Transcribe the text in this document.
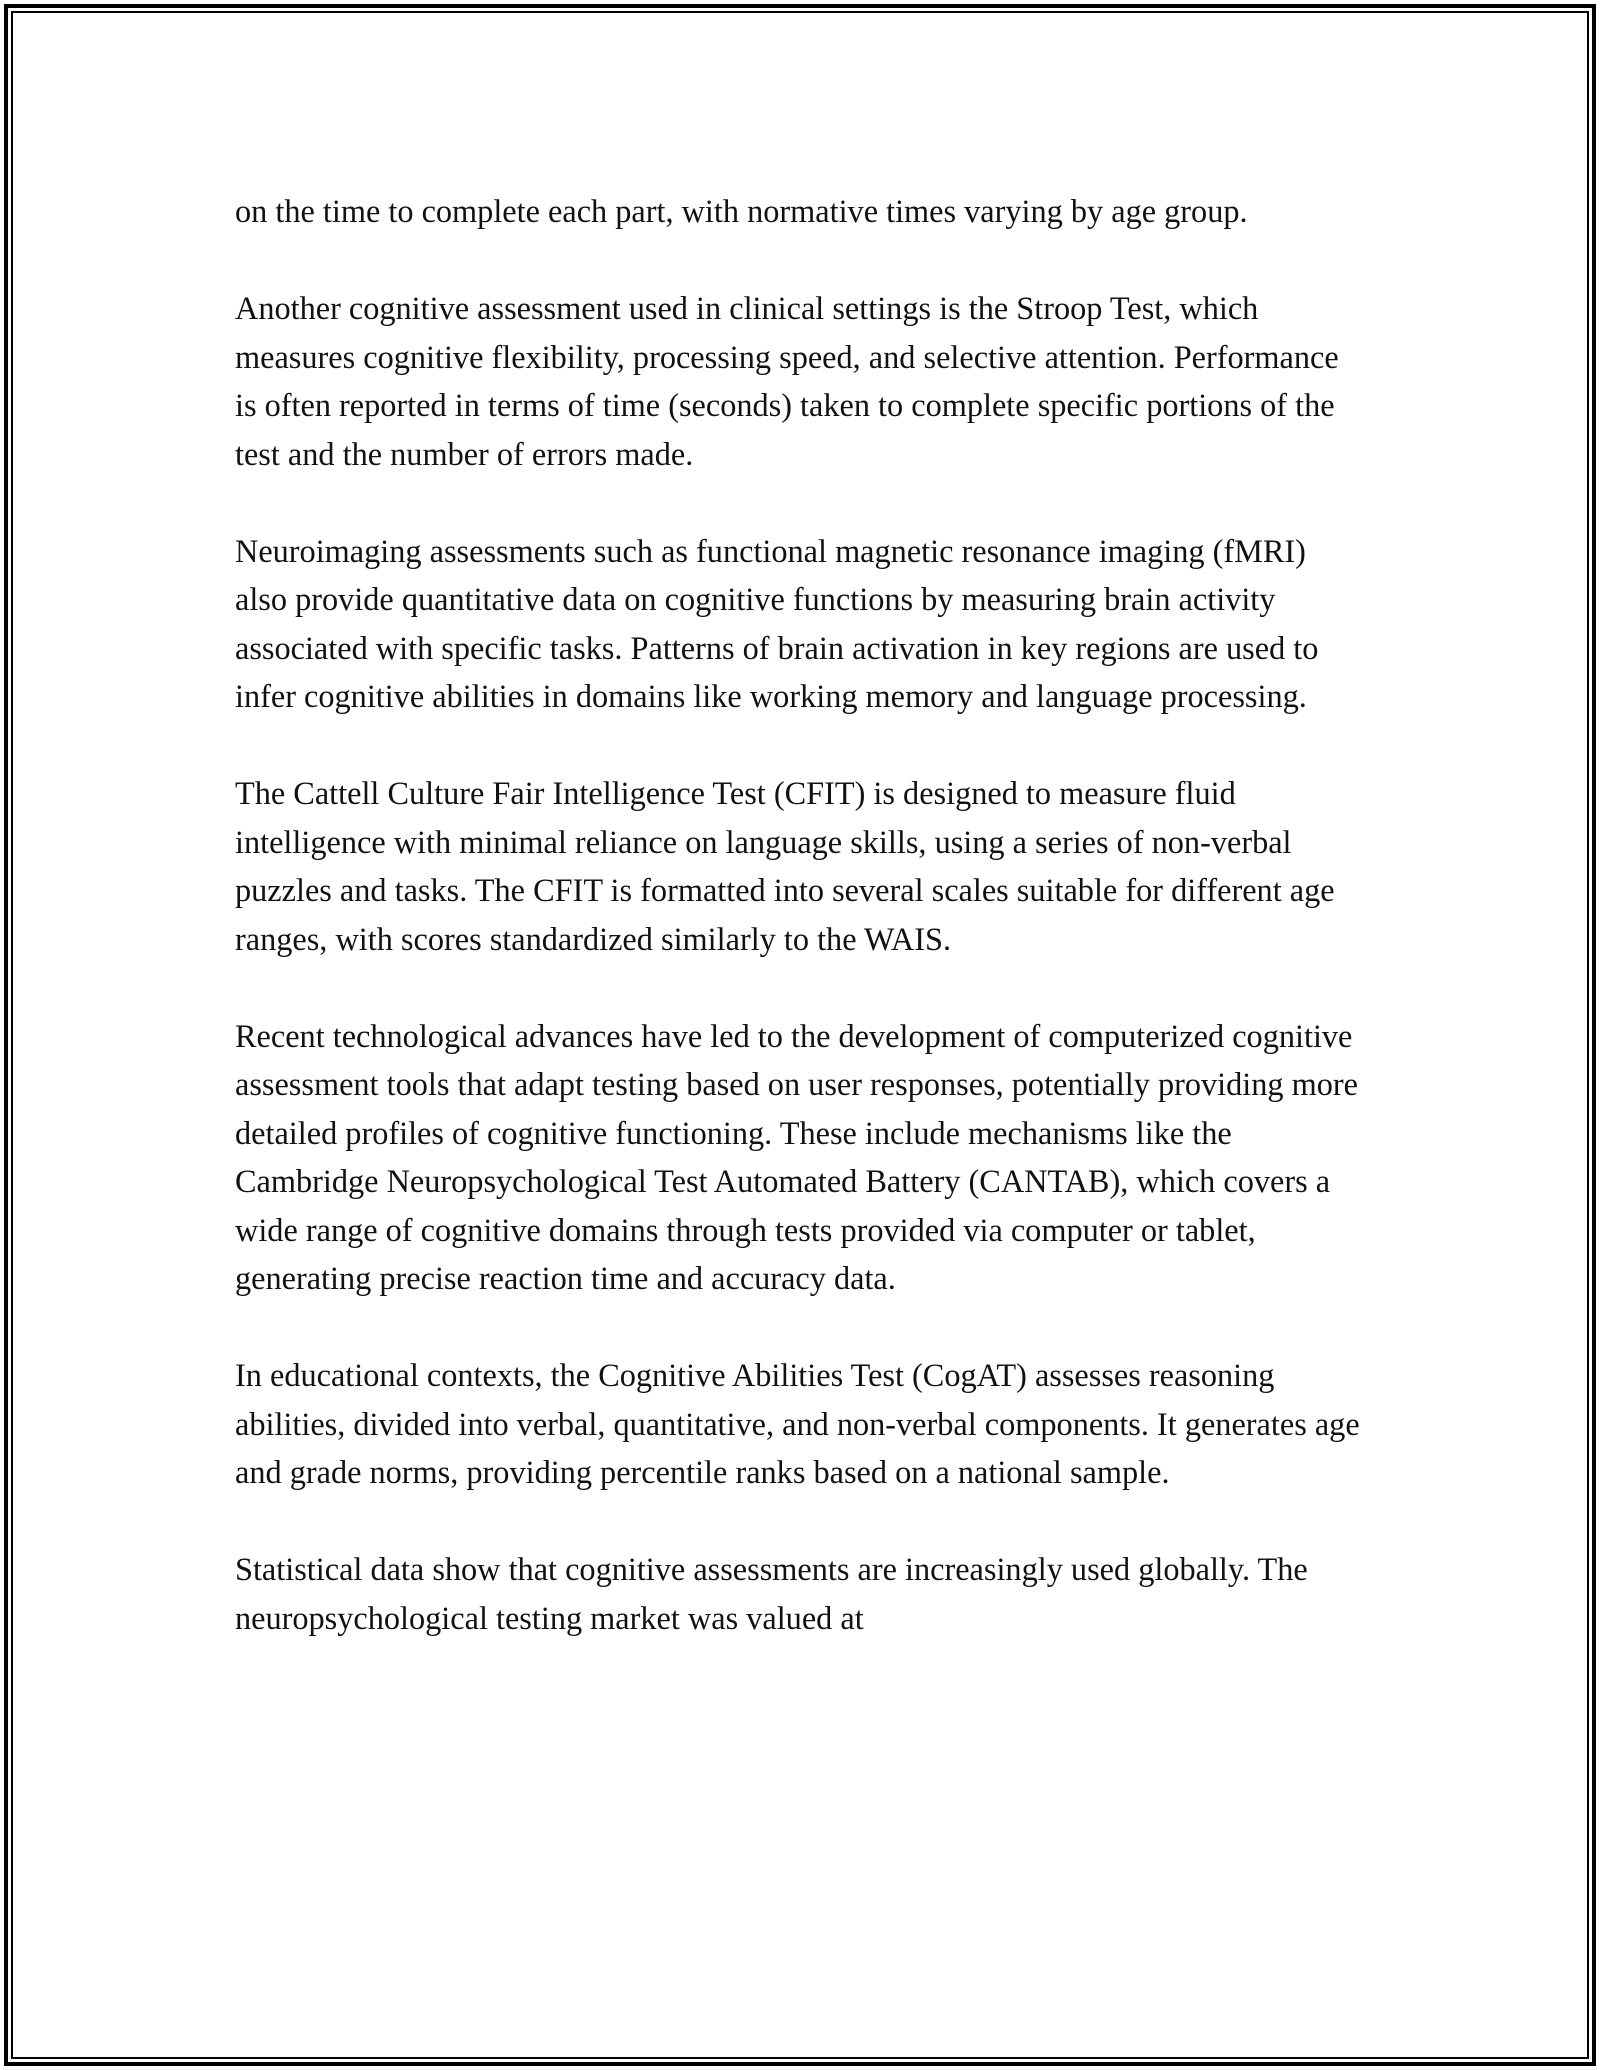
on the time to complete each part, with normative times varying by age group.

Another cognitive assessment used in clinical settings is the Stroop Test, which measures cognitive flexibility, processing speed, and selective attention. Performance is often reported in terms of time (seconds) taken to complete specific portions of the test and the number of errors made.

Neuroimaging assessments such as functional magnetic resonance imaging (fMRI) also provide quantitative data on cognitive functions by measuring brain activity associated with specific tasks. Patterns of brain activation in key regions are used to infer cognitive abilities in domains like working memory and language processing.

The Cattell Culture Fair Intelligence Test (CFIT) is designed to measure fluid intelligence with minimal reliance on language skills, using a series of non-verbal puzzles and tasks. The CFIT is formatted into several scales suitable for different age ranges, with scores standardized similarly to the WAIS.

Recent technological advances have led to the development of computerized cognitive assessment tools that adapt testing based on user responses, potentially providing more detailed profiles of cognitive functioning. These include mechanisms like the Cambridge Neuropsychological Test Automated Battery (CANTAB), which covers a wide range of cognitive domains through tests provided via computer or tablet, generating precise reaction time and accuracy data.

In educational contexts, the Cognitive Abilities Test (CogAT) assesses reasoning abilities, divided into verbal, quantitative, and non-verbal components. It generates age and grade norms, providing percentile ranks based on a national sample.

Statistical data show that cognitive assessments are increasingly used globally. The neuropsychological testing market was valued at
